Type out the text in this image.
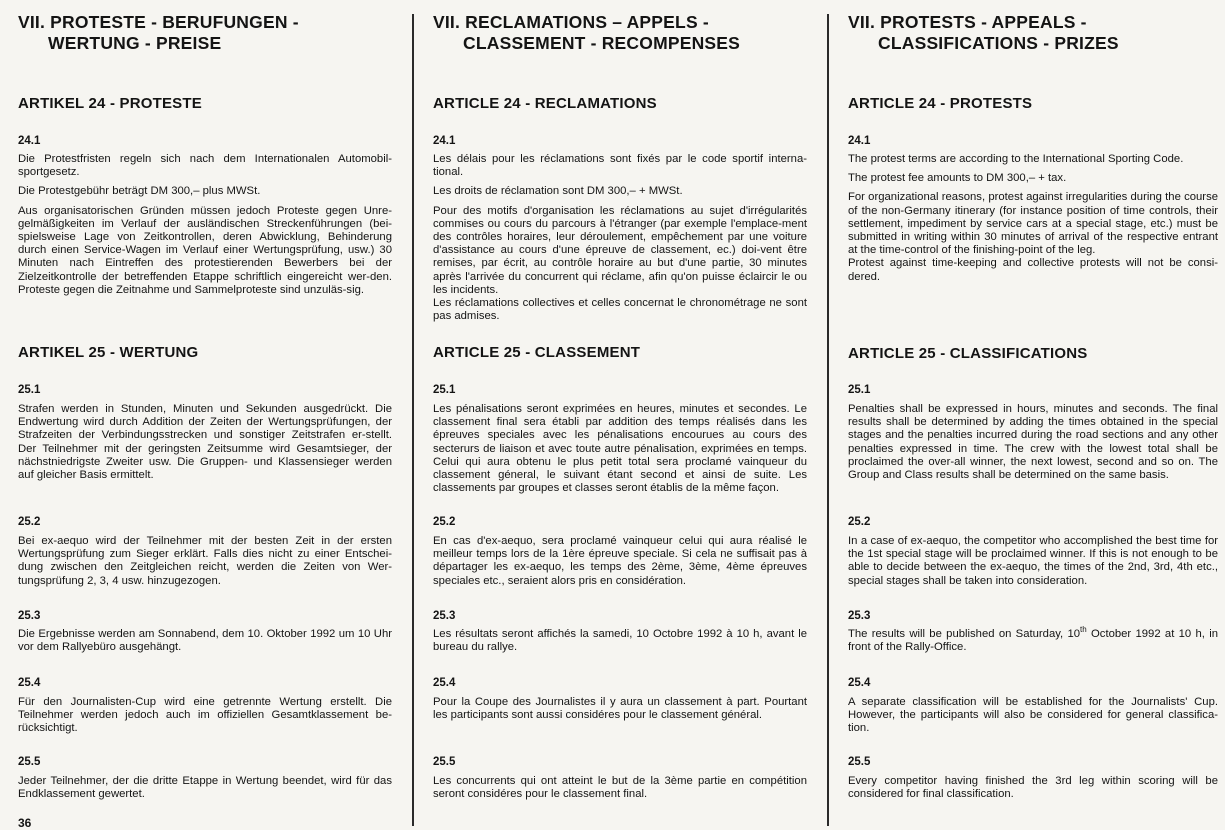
VII. PROTESTE - BERUFUNGEN -
WERTUNG - PREISE
ARTIKEL 24 - PROTESTE
24.1

Die Protestfristen regeln sich nach dem Internationalen Automobil-sportgesetz.

Die Protestgebühr beträgt DM 300,– plus MWSt.

Aus organisatorischen Gründen müssen jedoch Proteste gegen Unre-gelmäßigkeiten im Verlauf der ausländischen Streckenführungen (bei-spielsweise Lage von Zeitkontrollen, deren Abwicklung, Behinderung durch einen Service-Wagen im Verlauf einer Wertungsprüfung, usw.) 30 Minuten nach Eintreffen des protestierenden Bewerbers bei der Zielzeitkontrolle der betreffenden Etappe schriftlich eingereicht wer-den. Proteste gegen die Zeitnahme und Sammelproteste sind unzuläs-sig.

ARTIKEL 25 - WERTUNG
25.1

Strafen werden in Stunden, Minuten und Sekunden ausgedrückt. Die Endwertung wird durch Addition der Zeiten der Wertungsprüfungen, der Strafzeiten der Verbindungsstrecken und sonstiger Zeitstrafen er-stellt. Der Teilnehmer mit der geringsten Zeitsumme wird Gesamtsieger, der nächstniedrigste Zweiter usw. Die Gruppen- und Klassensieger werden auf gleicher Basis ermittelt.

25.2

Bei ex-aequo wird der Teilnehmer mit der besten Zeit in der ersten Wertungsprüfung zum Sieger erklärt. Falls dies nicht zu einer Entschei-dung zwischen den Zeitgleichen reicht, werden die Zeiten von Wer-tungsprüfung 2, 3, 4 usw. hinzugezogen.

25.3

Die Ergebnisse werden am Sonnabend, dem 10. Oktober 1992 um 10 Uhr vor dem Rallyebüro ausgehängt.

25.4

Für den Journalisten-Cup wird eine getrennte Wertung erstellt. Die Teilnehmer werden jedoch auch im offiziellen Gesamtklassement be-rücksichtigt.

25.5

Jeder Teilnehmer, der die dritte Etappe in Wertung beendet, wird für das Endklassement gewertet.

VII. RECLAMATIONS – APPELS -
CLASSEMENT - RECOMPENSES
ARTICLE 24 - RECLAMATIONS
24.1

Les délais pour les réclamations sont fixés par le code sportif interna-tional.

Les droits de réclamation sont DM 300,– + MWSt.

Pour des motifs d'organisation les réclamations au sujet d'irrégularités commises ou cours du parcours à l'étranger (par exemple l'emplace-ment des contrôles horaires, leur déroulement, empêchement par une voiture d'assistance au cours d'une épreuve de classement, ec.) doi-vent être remises, par écrit, au contrôle horaire au but d'une partie, 30 minutes après l'arrivée du concurrent qui réclame, afin qu'on puisse éclaircir le ou les incidents.

Les réclamations collectives et celles concernat le chronométrage ne sont pas admises.

ARTICLE 25 - CLASSEMENT
25.1

Les pénalisations seront exprimées en heures, minutes et secondes. Le classement final sera établi par addition des temps réalisés dans les épreuves speciales avec les pénalisations encourues au cours des secterurs de liaison et avec toute autre pénalisation, exprimées en temps. Celui qui aura obtenu le plus petit total sera proclamé vainqueur du classement géneral, le suivant étant second et ainsi de suite. Les classements par groupes et classes seront établis de la même façon.

25.2

En cas d'ex-aequo, sera proclamé vainqueur celui qui aura réalisé le meilleur temps lors de la 1ère épreuve speciale. Si cela ne suffisait pas à départager les ex-aequo, les temps des 2ème, 3ème, 4ème épreuves speciales etc., seraient alors pris en considération.

25.3

Les résultats seront affichés la samedi, 10 Octobre 1992 à 10 h, avant le bureau du rallye.

25.4

Pour la Coupe des Journalistes il y aura un classement à part. Pourtant les participants sont aussi considéres pour le classement général.

25.5

Les concurrents qui ont atteint le but de la 3ème partie en compétition seront considéres pour le classement final.

VII. PROTESTS - APPEALS -
CLASSIFICATIONS - PRIZES
ARTICLE 24 - PROTESTS
24.1

The protest terms are according to the International Sporting Code.

The protest fee amounts to DM 300,– + tax.

For organizational reasons, protest against irregularities during the course of the non-Germany itinerary (for instance position of time controls, their settlement, impediment by service cars at a special stage, etc.) must be submitted in writing within 30 minutes of arrival of the respective entrant at the time-control of the finishing-point of the leg.

Protest against time-keeping and collective protests will not be consi-dered.

ARTICLE 25 - CLASSIFICATIONS
25.1

Penalties shall be expressed in hours, minutes and seconds. The final results shall be determined by adding the times obtained in the special stages and the penalties incurred during the road sections and any other penalties expressed in time. The crew with the lowest total shall be proclaimed the over-all winner, the next lowest, second and so on. The Group and Class results shall be determined on the same basis.

25.2

In a case of ex-aequo, the competitor who accomplished the best time for the 1st special stage will be proclaimed winner. If this is not enough to be able to decide between the ex-aequo, the times of the 2nd, 3rd, 4th etc., special stages shall be taken into consideration.

25.3

The results will be published on Saturday, 10th October 1992 at 10 h, in front of the Rally-Office.

25.4

A separate classification will be established for the Journalists' Cup. However, the participants will also be considered for general classifica-tion.

25.5

Every competitor having finished the 3rd leg within scoring will be considered for final classification.

36
